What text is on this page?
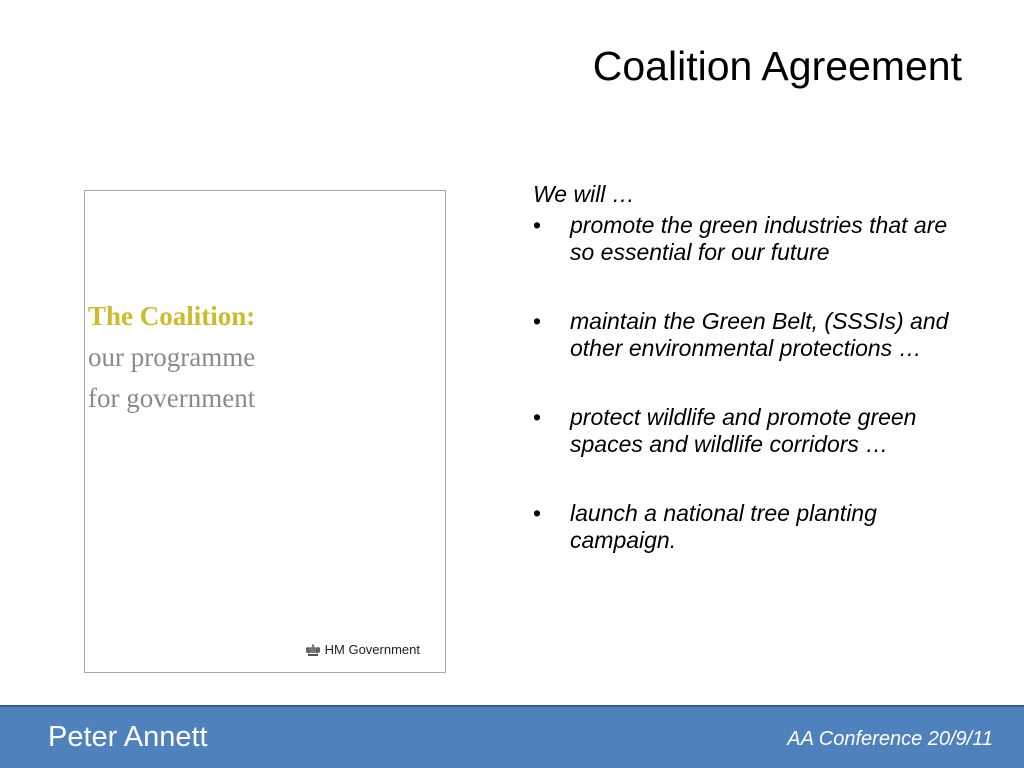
Coalition Agreement
The Coalition:
our programme
for government
HM Government
We will …
• promote the green industries that are so essential for our future
• maintain the Green Belt, (SSSIs) and other environmental protections …
• protect wildlife and promote green spaces and wildlife corridors …
• launch a national tree planting campaign.
Peter Annett	AA Conference 20/9/11
